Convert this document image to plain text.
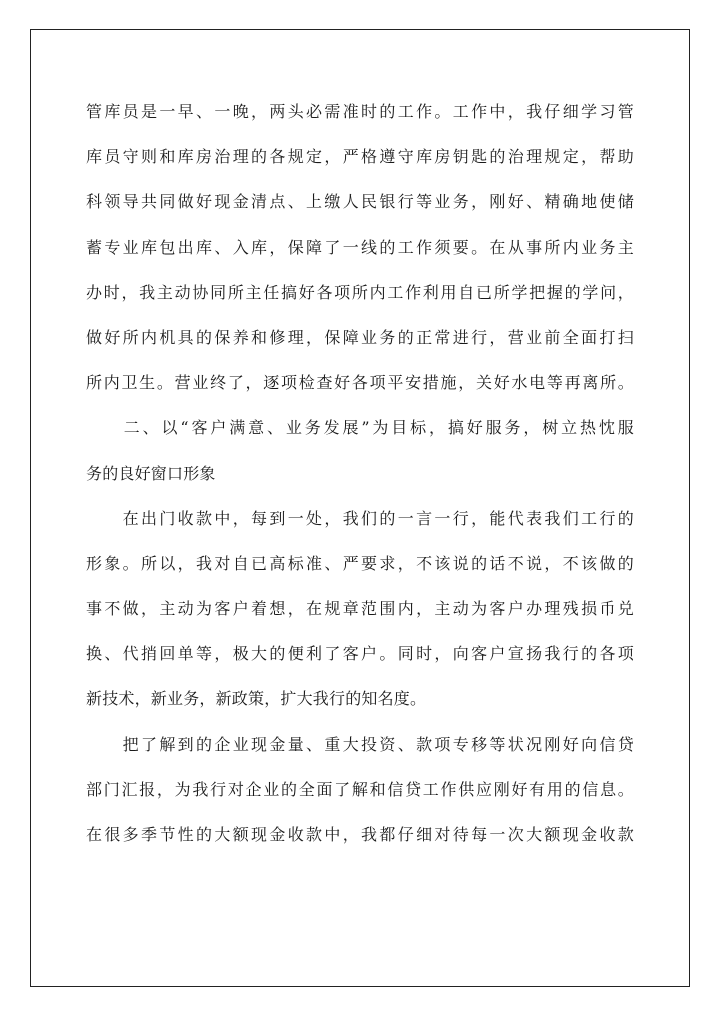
管库员是一早、一晚，两头必需准时的工作。工作中，我仔细学习管
库员守则和库房治理的各规定，严格遵守库房钥匙的治理规定，帮助
科领导共同做好现金清点、上缴人民银行等业务，刚好、精确地使储
蓄专业库包出库、入库，保障了一线的工作须要。在从事所内业务主
办时，我主动协同所主任搞好各项所内工作利用自已所学把握的学问，
做好所内机具的保养和修理，保障业务的正常进行，营业前全面打扫
所内卫生。营业终了，逐项检查好各项平安措施，关好水电等再离所。
　　二、以“客户满意、业务发展”为目标，搞好服务，树立热忱服
务的良好窗口形象
　　在出门收款中，每到一处，我们的一言一行，能代表我们工行的
形象。所以，我对自已高标准、严要求，不该说的话不说，不该做的
事不做，主动为客户着想，在规章范围内，主动为客户办理残损币兑
换、代捎回单等，极大的便利了客户。同时，向客户宣扬我行的各项
新技术，新业务，新政策，扩大我行的知名度。
　　把了解到的企业现金量、重大投资、款项专移等状况刚好向信贷
部门汇报，为我行对企业的全面了解和信贷工作供应刚好有用的信息。
在很多季节性的大额现金收款中，我都仔细对待每一次大额现金收款
